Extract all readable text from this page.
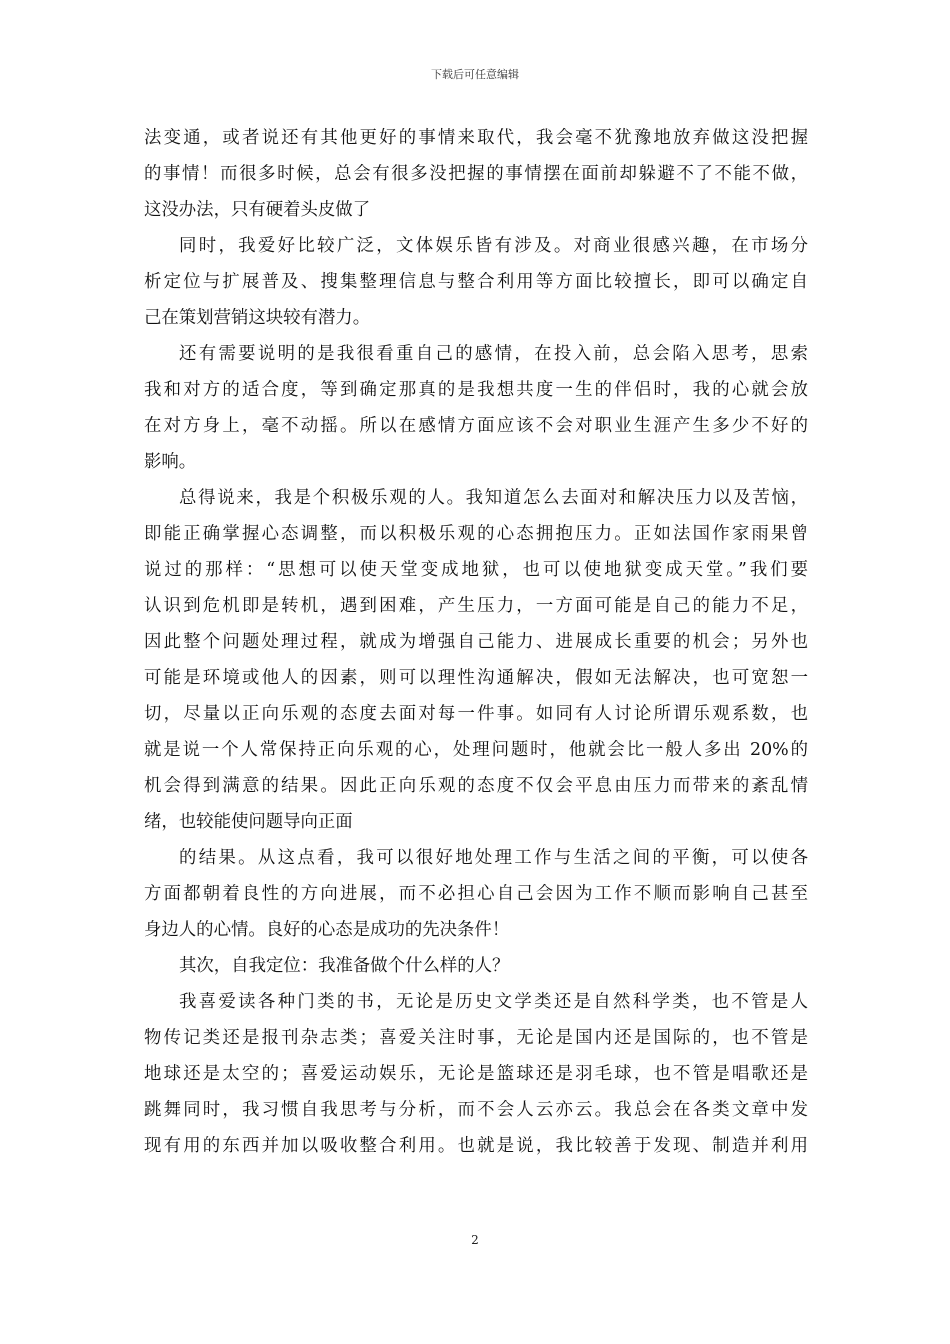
下载后可任意编辑
法变通，或者说还有其他更好的事情来取代，我会毫不犹豫地放弃做这没把握
的事情！而很多时候，总会有很多没把握的事情摆在面前却躲避不了不能不做，
这没办法，只有硬着头皮做了
同时，我爱好比较广泛，文体娱乐皆有涉及。对商业很感兴趣，在市场分
析定位与扩展普及、搜集整理信息与整合利用等方面比较擅长，即可以确定自
己在策划营销这块较有潜力。
还有需要说明的是我很看重自己的感情，在投入前，总会陷入思考，思索
我和对方的适合度，等到确定那真的是我想共度一生的伴侣时，我的心就会放
在对方身上，毫不动摇。所以在感情方面应该不会对职业生涯产生多少不好的
影响。
总得说来，我是个积极乐观的人。我知道怎么去面对和解决压力以及苦恼，
即能正确掌握心态调整，而以积极乐观的心态拥抱压力。正如法国作家雨果曾
说过的那样：“思想可以使天堂变成地狱，也可以使地狱变成天堂。”我们要
认识到危机即是转机，遇到困难，产生压力，一方面可能是自己的能力不足，
因此整个问题处理过程，就成为增强自己能力、进展成长重要的机会；另外也
可能是环境或他人的因素，则可以理性沟通解决，假如无法解决，也可宽恕一
切，尽量以正向乐观的态度去面对每一件事。如同有人讨论所谓乐观系数，也
就是说一个人常保持正向乐观的心，处理问题时，他就会比一般人多出 20%的
机会得到满意的结果。因此正向乐观的态度不仅会平息由压力而带来的紊乱情
绪，也较能使问题导向正面
的结果。从这点看，我可以很好地处理工作与生活之间的平衡，可以使各
方面都朝着良性的方向进展，而不必担心自己会因为工作不顺而影响自己甚至
身边人的心情。良好的心态是成功的先决条件！
其次，自我定位：我准备做个什么样的人？
我喜爱读各种门类的书，无论是历史文学类还是自然科学类，也不管是人
物传记类还是报刊杂志类；喜爱关注时事，无论是国内还是国际的，也不管是
地球还是太空的；喜爱运动娱乐，无论是篮球还是羽毛球，也不管是唱歌还是
跳舞同时，我习惯自我思考与分析，而不会人云亦云。我总会在各类文章中发
现有用的东西并加以吸收整合利用。也就是说，我比较善于发现、制造并利用
2
